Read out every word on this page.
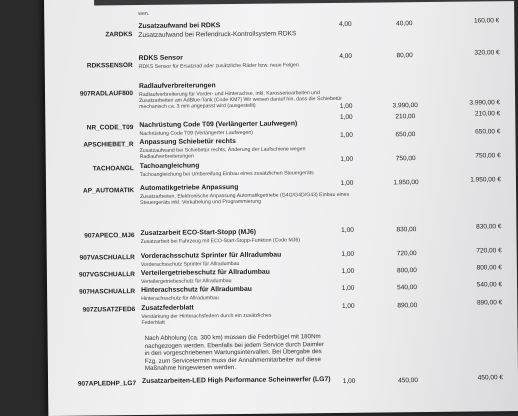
wen.
ZARDKS
Zusatzaufwand bei RDKS
Zusatzaufwand bei Reifendruck-Kontrollsystem RDKS
4,00	40,00	160,00 €
RDKSSENSOR
RDKS Sensor
RDKS Sensor für Ersatzrad oder zusätzliche Räder bzw. neue Felgen
4,00	80,00	320,00 €
907RADLAUF800
Radlaufverbreiterungen
Radlaufverbreiterung für Vorder- und Hinterachse, inkl. Karosseriearbeiten und Zusatzarbeiten am AdBlue-Tank (Code KM7) Wir weisen darauf hin, dass die Schiebetür mechanisch ca. 3 mm angepasst wird (ausgestellt)	1,00	3.990,00	3.990,00 €
NR_CODE_T09 Nachrüstung Code T09 (Verlängerter Laufwegen)
Nachrüstung Code T09 (Verlängerter Laufwegen)
1,00	210,00	210,00 €
APSCHIEBET_R Anpassung Schiebetür rechts
Zusatzaufwand bei Schiebetür rechts, Änderung der Laufschiene wegen Radlaufverbreiterungen
1,00	650,00	650,00 €
TACHOANGL Tachoangleichung
Tachoangleichung bei Umbereifung Einbau eines zusätzlichen Steuergeräts
1,00	750,00	750,00 €
AP_AUTOMATIK Automatikgetriebe Anpassung
Zusatzarbeiten, Elektronische Anpassung Automatikgetriebe (G4G/G4D/G43) Einbau eines Steuergeräts inkl. Verkabelung und Programmierung
1,00	1.950,00	1.950,00 €
907APECO_MJ6 Zusatzarbeit ECO-Start-Stopp (MJ6)
Zusatzarbeit bei Fahrzeug mit ECO-Start-Stopp-Funktion (Code MJ6)
1,00	830,00	830,00 €
907VASCHUALLR Vorderachsschutz Sprinter für Allradumbau
Vorderachsschutz Sprinter für Allradumbau
1,00	720,00	720,00 €
907VGSCHUALLR Verteilergetriebeschutz für Allradumbau
Verteilergetriebeschutz für Allradumbau
1,00	800,00	800,00 €
907HASCHUALLR Hinterachsschutz für Allradumbau
Hinterachsschutz für Allradumbau
1,00	540,00	540,00 €
907ZUSATZFED6 Zusatzfederblatt
Verstärkung der Hinterachsfedern durch ein zusätzliches Federblatt
1,00	890,00	890,00 €
Nach Abholung (ca. 300 km) müssen die Federbügel mit 180Nm nachgezogen werden. Ebenfalls bei jedem Service durch Daimler in den vorgeschriebenen Wartungsintervallen. Bei Übergabe des Fzg. zum Servicetermin muss der Annahmemitarbeiter auf diese Maßnahme hingewiesen werden.
907APLEDHP_LG7 Zusatzarbeiten-LED High Performance Scheinwerfer (LG7)	1,00	450,00	450,00 €
